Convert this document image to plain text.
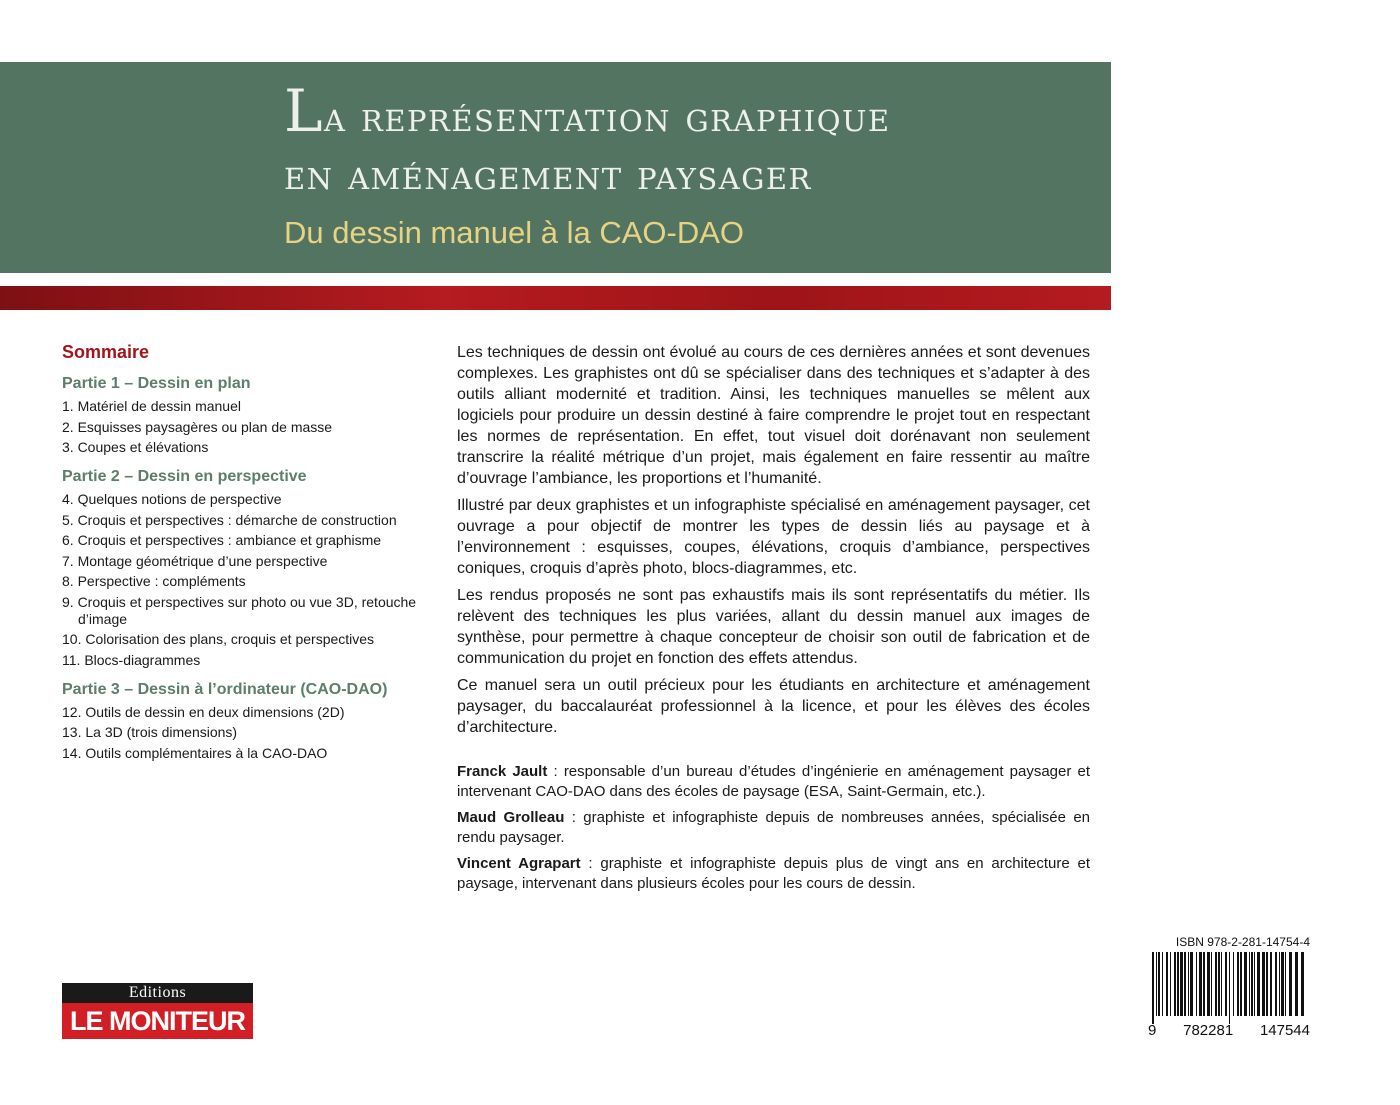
La représentation graphique
en aménagement paysager
Du dessin manuel à la CAO-DAO
Sommaire
Partie 1 – Dessin en plan
1. Matériel de dessin manuel
2. Esquisses paysagères ou plan de masse
3. Coupes et élévations
Partie 2 – Dessin en perspective
4. Quelques notions de perspective
5. Croquis et perspectives : démarche de construction
6. Croquis et perspectives : ambiance et graphisme
7. Montage géométrique d’une perspective
8. Perspective : compléments
9. Croquis et perspectives sur photo ou vue 3D, retouche d’image
10. Colorisation des plans, croquis et perspectives
11. Blocs-diagrammes
Partie 3 – Dessin à l’ordinateur (CAO-DAO)
12. Outils de dessin en deux dimensions (2D)
13. La 3D (trois dimensions)
14. Outils complémentaires à la CAO-DAO

Les techniques de dessin ont évolué au cours de ces dernières années et sont devenues complexes. Les graphistes ont dû se spécialiser dans des techniques et s’adapter à des outils alliant modernité et tradition. Ainsi, les techniques manuelles se mêlent aux logiciels pour produire un dessin destiné à faire comprendre le projet tout en respectant les normes de représentation. En effet, tout visuel doit dorénavant non seulement transcrire la réalité métrique d’un projet, mais également en faire ressentir au maître d’ouvrage l’ambiance, les proportions et l’humanité.

Illustré par deux graphistes et un infographiste spécialisé en aménagement paysager, cet ouvrage a pour objectif de montrer les types de dessin liés au paysage et à l’environnement : esquisses, coupes, élévations, croquis d’ambiance, perspectives coniques, croquis d’après photo, blocs-diagrammes, etc.

Les rendus proposés ne sont pas exhaustifs mais ils sont représentatifs du métier. Ils relèvent des techniques les plus variées, allant du dessin manuel aux images de synthèse, pour permettre à chaque concepteur de choisir son outil de fabrication et de communication du projet en fonction des effets attendus.

Ce manuel sera un outil précieux pour les étudiants en architecture et aménagement paysager, du baccalauréat professionnel à la licence, et pour les élèves des écoles d’architecture.

Franck Jault : responsable d’un bureau d’études d’ingénierie en aménagement paysager et intervenant CAO-DAO dans des écoles de paysage (ESA, Saint-Germain, etc.).

Maud Grolleau : graphiste et infographiste depuis de nombreuses années, spécialisée en rendu paysager.

Vincent Agrapart : graphiste et infographiste depuis plus de vingt ans en architecture et paysage, intervenant dans plusieurs écoles pour les cours de dessin.

ISBN 978-2-281-14754-4
9 782281 147544
Editions
LE MONITEUR
